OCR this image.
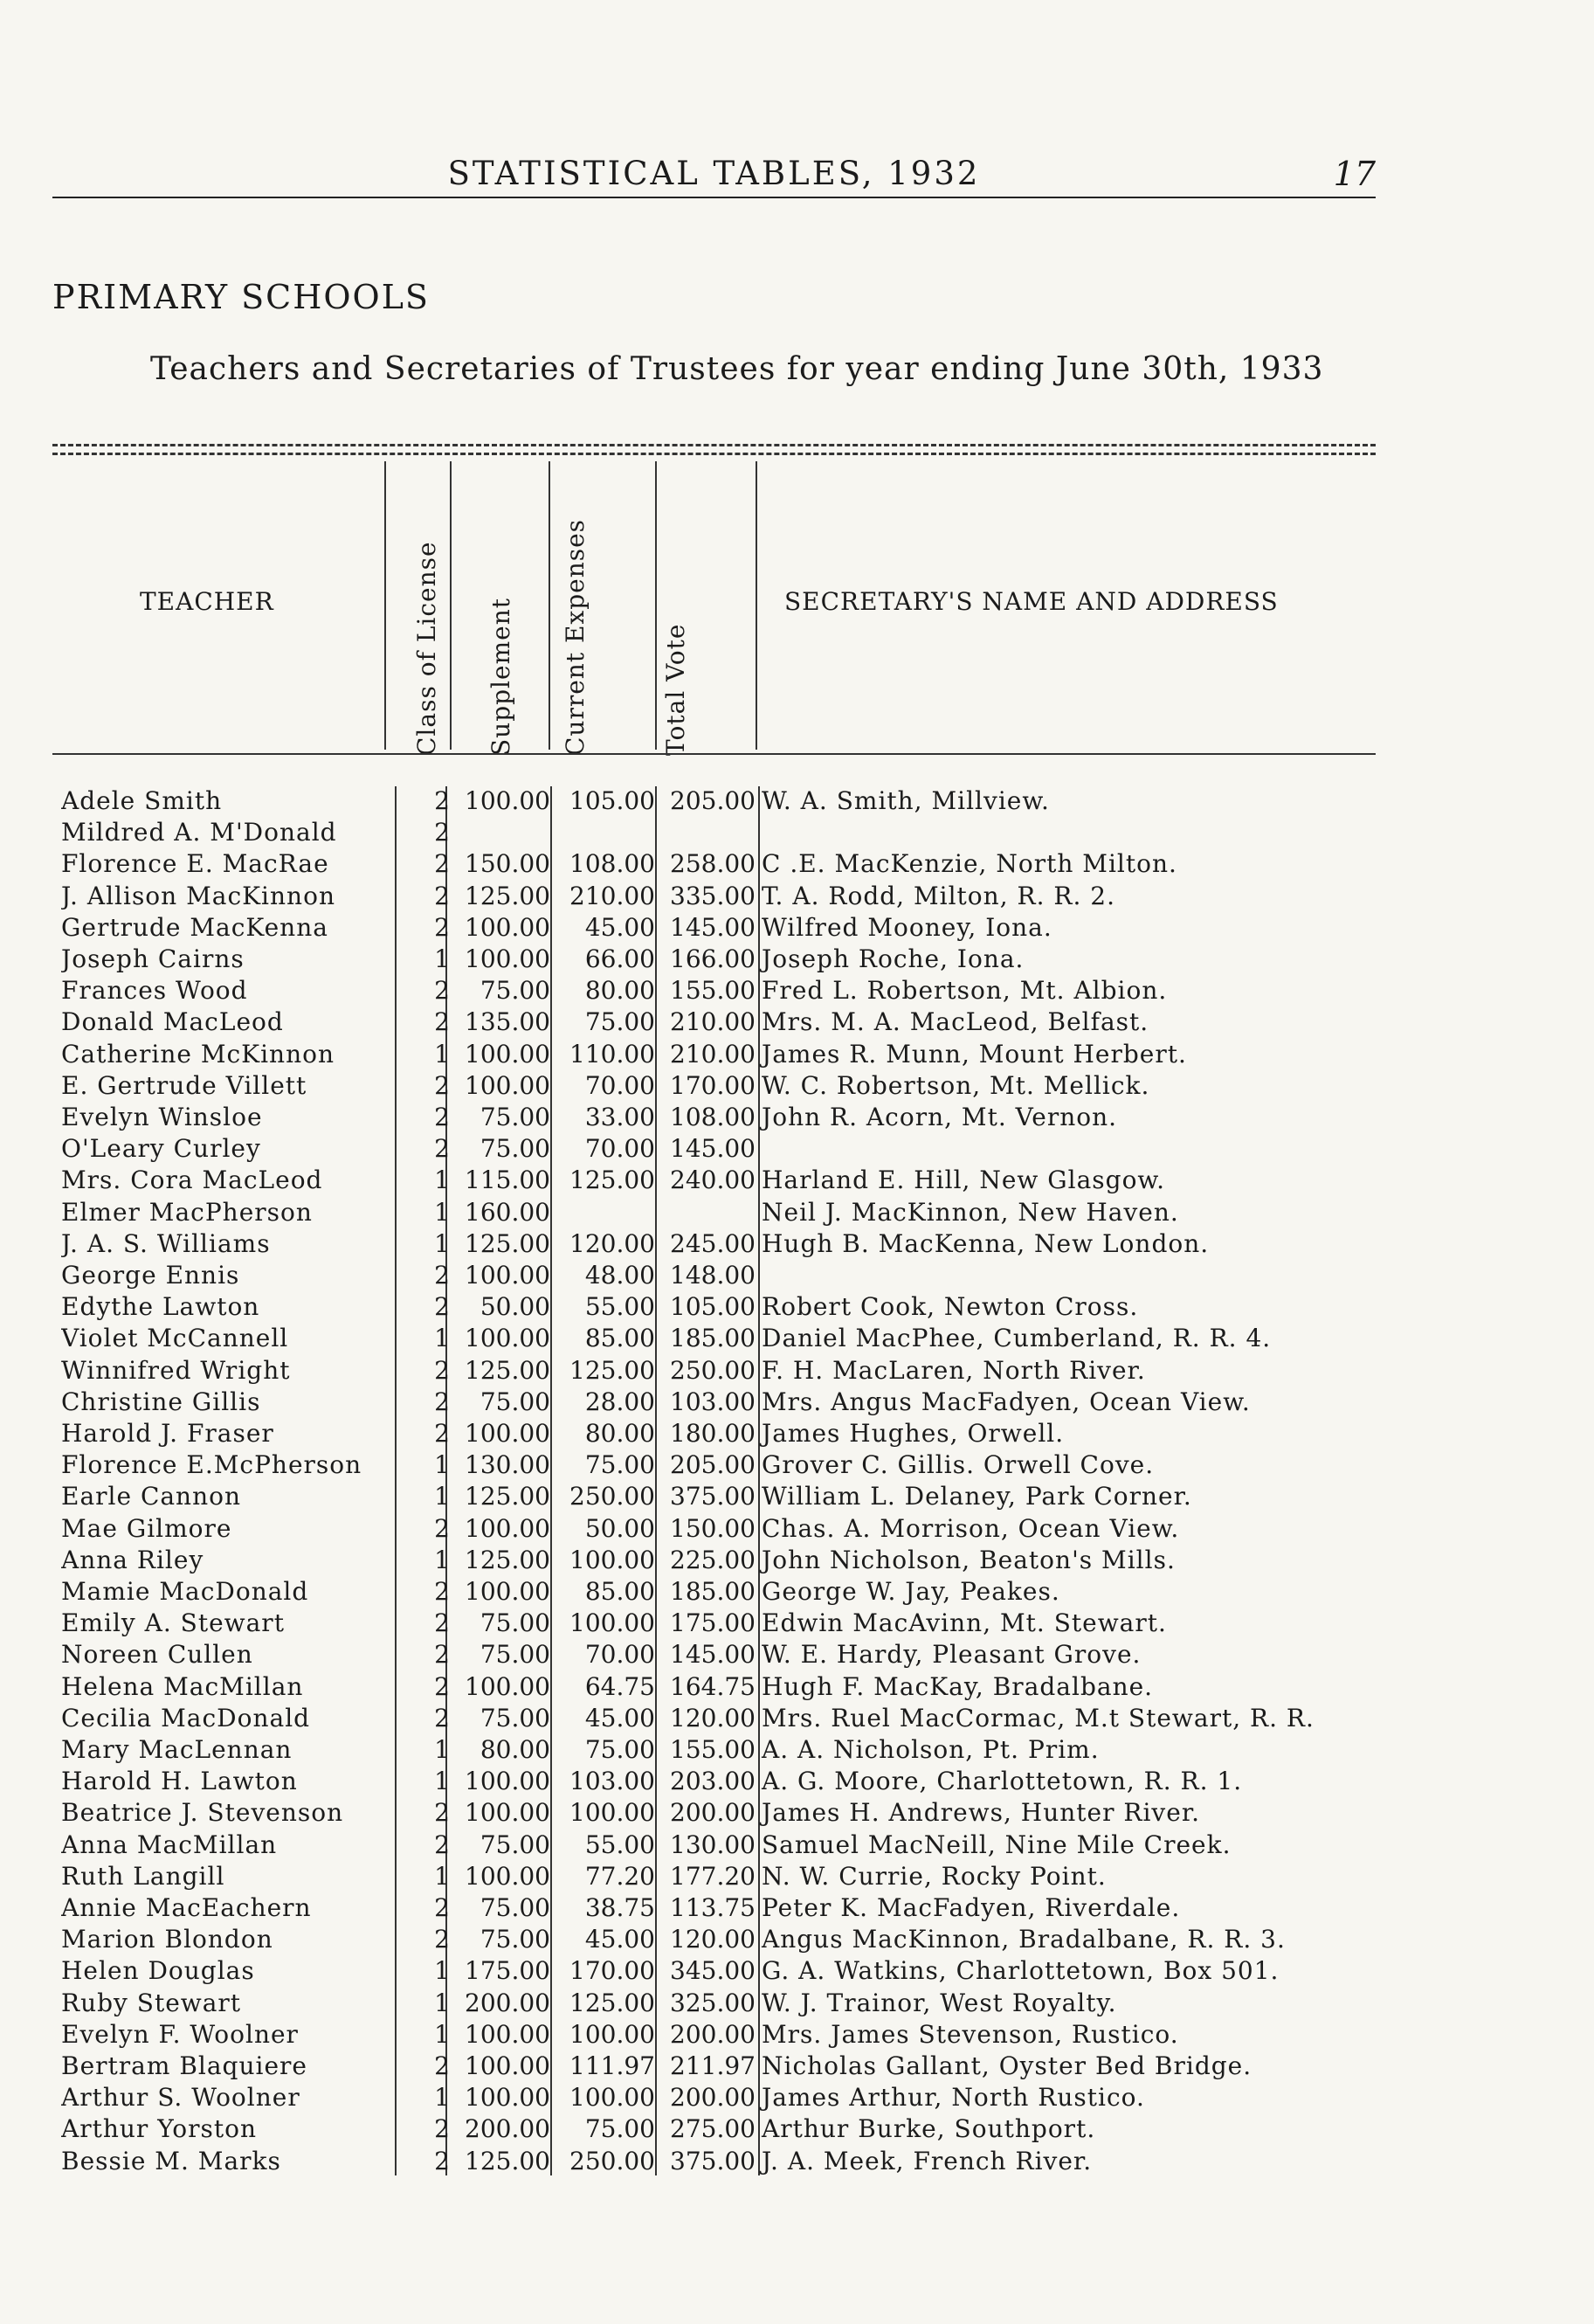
STATISTICAL TABLES, 1932	17
PRIMARY SCHOOLS
Teachers and Secretaries of Trustees for year ending June 30th, 1933
TEACHER	Class of License Supplement Current Expenses	Total Vote
SECRETARY'S NAME AND ADDRESS
Adele Smith	2 100.00 105.00 205.00 W. A. Smith, Millview.
Mildred A. M'Donald	2
Florence E. MacRae	2 150.00 108.00 258.00 C .E. MacKenzie, North Milton.
J. Allison MacKinnon	2 125.00 210.00 335.00 T. A. Rodd, Milton, R. R. 2.
Gertrude MacKenna	2 100.00	45.00 145.00 Wilfred Mooney, Iona.
Joseph Cairns	1 100.00	66.00 166.00 Joseph Roche, Iona.
Frances Wood	2	75.00	80.00 155.00 Fred L. Robertson, Mt. Albion.
Donald MacLeod	2 135.00	75.00 210.00 Mrs. M. A. MacLeod, Belfast.
Catherine McKinnon	1 100.00 110.00 210.00 James R. Munn, Mount Herbert.
E. Gertrude Villett	2 100.00	70.00 170.00 W. C. Robertson, Mt. Mellick.
Evelyn Winsloe	2	75.00	33.00 108.00 John R. Acorn, Mt. Vernon.
O'Leary Curley	2	75.00	70.00 145.00
Mrs. Cora MacLeod	1 115.00 125.00 240.00 Harland E. Hill, New Glasgow.
Elmer MacPherson	1 160.00	Neil J. MacKinnon, New Haven.
J. A. S. Williams	1 125.00 120.00 245.00 Hugh B. MacKenna, New London.
George Ennis	2 100.00	48.00 148.00
Edythe Lawton	2	50.00	55.00 105.00 Robert Cook, Newton Cross.
Violet McCannell	1 100.00	85.00 185.00 Daniel MacPhee, Cumberland, R. R. 4.
Winnifred Wright	2 125.00 125.00 250.00 F. H. MacLaren, North River.
Christine Gillis	2	75.00	28.00 103.00 Mrs. Angus MacFadyen, Ocean View.
Harold J. Fraser	2 100.00	80.00 180.00 James Hughes, Orwell.
Florence E.McPherson	1 130.00	75.00 205.00 Grover C. Gillis. Orwell Cove.
Earle Cannon	1 125.00 250.00 375.00 William L. Delaney, Park Corner.
Mae Gilmore	2 100.00	50.00 150.00 Chas. A. Morrison, Ocean View.
Anna Riley	1 125.00 100.00 225.00 John Nicholson, Beaton's Mills.
Mamie MacDonald	2 100.00	85.00 185.00 George W. Jay, Peakes.
Emily A. Stewart	2	75.00 100.00 175.00 Edwin MacAvinn, Mt. Stewart.
Noreen Cullen	2	75.00	70.00 145.00 W. E. Hardy, Pleasant Grove.
Helena MacMillan	2 100.00	64.75 164.75 Hugh F. MacKay, Bradalbane.
Cecilia MacDonald	2	75.00	45.00 120.00 Mrs. Ruel MacCormac, M.t Stewart, R. R.
Mary MacLennan	1	80.00	75.00 155.00 A. A. Nicholson, Pt. Prim.
Harold H. Lawton	1 100.00 103.00 203.00 A. G. Moore, Charlottetown, R. R. 1.
Beatrice J. Stevenson	2 100.00 100.00 200.00 James H. Andrews, Hunter River.
Anna MacMillan	2	75.00	55.00 130.00 Samuel MacNeill, Nine Mile Creek.
Ruth Langill	1 100.00	77.20 177.20 N. W. Currie, Rocky Point.
Annie MacEachern	2	75.00	38.75 113.75 Peter K. MacFadyen, Riverdale.
Marion Blondon	2	75.00	45.00 120.00 Angus MacKinnon, Bradalbane, R. R. 3.
Helen Douglas	1 175.00 170.00 345.00 G. A. Watkins, Charlottetown, Box 501.
Ruby Stewart	1 200.00 125.00 325.00 W. J. Trainor, West Royalty.
Evelyn F. Woolner	1 100.00 100.00 200.00 Mrs. James Stevenson, Rustico.
Bertram Blaquiere	2 100.00 111.97 211.97 Nicholas Gallant, Oyster Bed Bridge.
Arthur S. Woolner	1 100.00 100.00 200.00 James Arthur, North Rustico.
Arthur Yorston	2 200.00	75.00 275.00 Arthur Burke, Southport.
Bessie M. Marks	2 125.00 250.00 375.00 J. A. Meek, French River.
